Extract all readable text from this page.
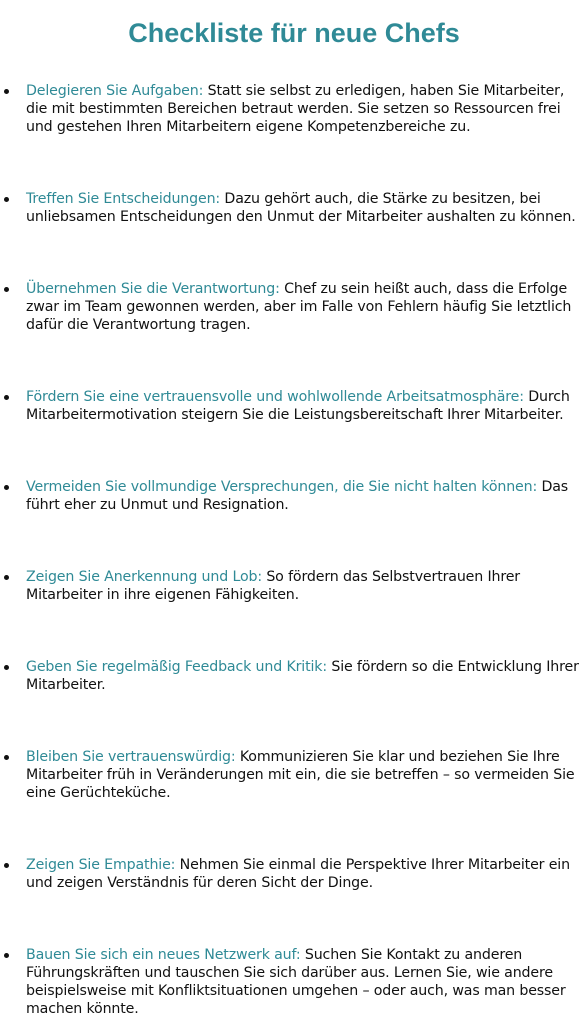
Checkliste für neue Chefs
Delegieren Sie Aufgaben: Statt sie selbst zu erledigen, haben Sie Mitarbeiter, die mit bestimmten Bereichen betraut werden. Sie setzen so Ressourcen frei und gestehen Ihren Mitarbeitern eigene Kompetenzbereiche zu.
Treffen Sie Entscheidungen: Dazu gehört auch, die Stärke zu besitzen, bei unliebsamen Entscheidungen den Unmut der Mitarbeiter aushalten zu können.
Übernehmen Sie die Verantwortung: Chef zu sein heißt auch, dass die Erfolge zwar im Team gewonnen werden, aber im Falle von Fehlern häufig Sie letztlich dafür die Verantwortung tragen.
Fördern Sie eine vertrauensvolle und wohlwollende Arbeitsatmosphäre: Durch Mitarbeitermotivation steigern Sie die Leistungsbereitschaft Ihrer Mitarbeiter.
Vermeiden Sie vollmundige Versprechungen, die Sie nicht halten können: Das führt eher zu Unmut und Resignation.
Zeigen Sie Anerkennung und Lob: So fördern das Selbstvertrauen Ihrer Mitarbeiter in ihre eigenen Fähigkeiten.
Geben Sie regelmäßig Feedback und Kritik: Sie fördern so die Entwicklung Ihrer Mitarbeiter.
Bleiben Sie vertrauenswürdig: Kommunizieren Sie klar und beziehen Sie Ihre Mitarbeiter früh in Veränderungen mit ein, die sie betreffen – so vermeiden Sie eine Gerüchteküche.
Zeigen Sie Empathie: Nehmen Sie einmal die Perspektive Ihrer Mitarbeiter ein und zeigen Verständnis für deren Sicht der Dinge.
Bauen Sie sich ein neues Netzwerk auf: Suchen Sie Kontakt zu anderen Führungskräften und tauschen Sie sich darüber aus. Lernen Sie, wie andere beispielsweise mit Konfliktsituationen umgehen – oder auch, was man besser machen könnte.
